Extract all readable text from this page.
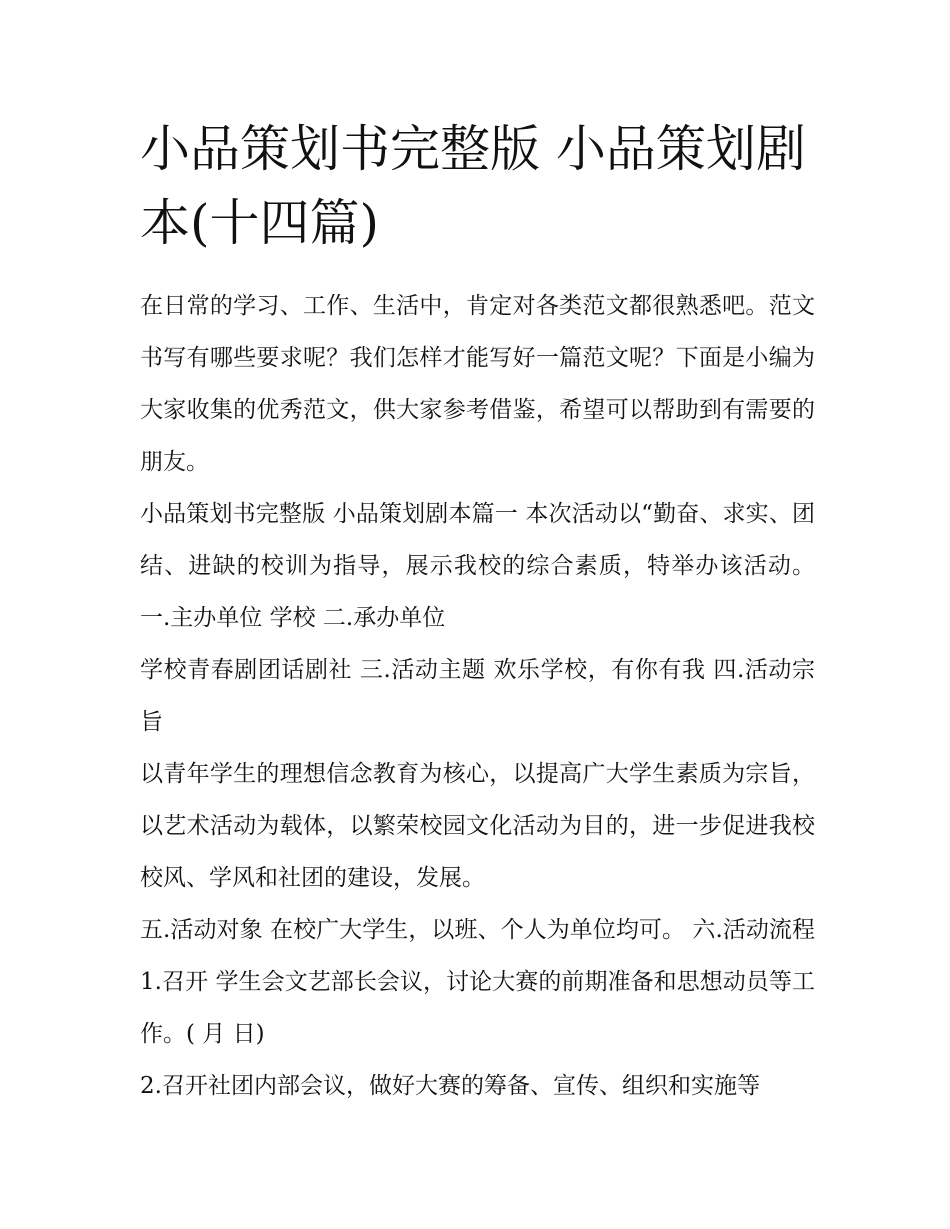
小品策划书完整版 小品策划剧本(十四篇)

在日常的学习、工作、生活中，肯定对各类范文都很熟悉吧。范文书写有哪些要求呢？我们怎样才能写好一篇范文呢？下面是小编为大家收集的优秀范文，供大家参考借鉴，希望可以帮助到有需要的朋友。

小品策划书完整版 小品策划剧本篇一 本次活动以“勤奋、求实、团结、进缺的校训为指导，展示我校的综合素质，特举办该活动。 一.主办单位 学校 二.承办单位

学校青春剧团话剧社 三.活动主题 欢乐学校，有你有我 四.活动宗旨

以青年学生的理想信念教育为核心，以提高广大学生素质为宗旨，以艺术活动为载体，以繁荣校园文化活动为目的，进一步促进我校校风、学风和社团的建设，发展。

五.活动对象 在校广大学生，以班、个人为单位均可。 六.活动流程 1.召开 学生会文艺部长会议，讨论大赛的前期准备和思想动员等工作。( 月 日)

2.召开社团内部会议，做好大赛的筹备、宣传、组织和实施等
